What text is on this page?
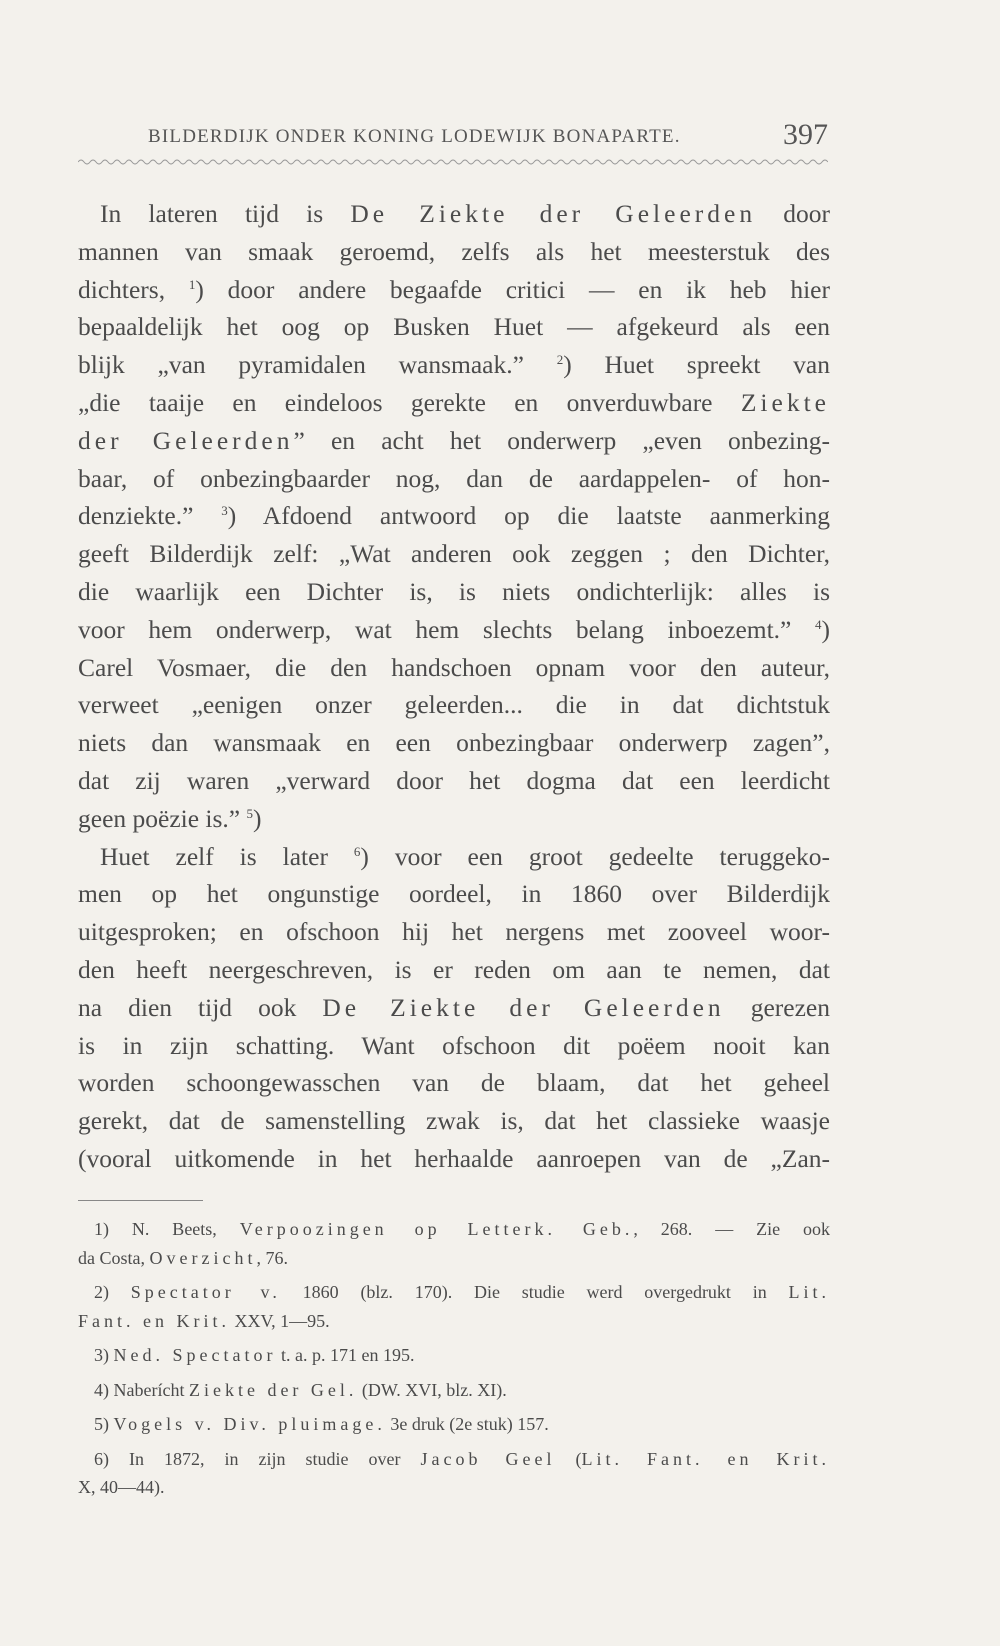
BILDERDIJK ONDER KONING LODEWIJK BONAPARTE.	397
In lateren tijd is De Ziekte der Geleerden door
mannen van smaak geroemd, zelfs als het meesterstuk des
dichters, $^1$) door andere begaafde critici — en ik heb hier
bepaaldelijk het oog op Busken Huet — afgekeurd als een
blijk „van pyramidalen wansmaak.” $^2$) Huet spreekt van
„die taaije en eindeloos gerekte en onverduwbare Ziekte
der Geleerden” en acht het onderwerp „even onbezing-
baar, of onbezingbaarder nog, dan de aardappelen- of hon-
denziekte.” $^3$) Afdoend antwoord op die laatste aanmerking
geeft Bilderdijk zelf: „Wat anderen ook zeggen ; den Dichter,
die waarlijk een Dichter is, is niets ondichterlijk: alles is
voor hem onderwerp, wat hem slechts belang inboezemt.” $^4$)
Carel Vosmaer, die den handschoen opnam voor den auteur,
verweet „eenigen onzer geleerden... die in dat dichtstuk
niets dan wansmaak en een onbezingbaar onderwerp zagen”,
dat zij waren „verward door het dogma dat een leerdicht
geen poëzie is.” $^5$)
Huet zelf is later $^6$) voor een groot gedeelte teruggeko-
men op het ongunstige oordeel, in 1860 over Bilderdijk
uitgesproken; en ofschoon hij het nergens met zooveel woor-
den heeft neergeschreven, is er reden om aan te nemen, dat
na dien tijd ook De Ziekte der Geleerden gerezen
is in zijn schatting. Want ofschoon dit poëem nooit kan
worden schoongewasschen van de blaam, dat het geheel
gerekt, dat de samenstelling zwak is, dat het classieke waasje
(vooral uitkomende in het herhaalde aanroepen van de „Zan-
1) N. Beets, Verpoozingen op Letterk. Geb., 268. — Zie ook
da Costa, Overzicht, 76.
2) Spectator v. 1860 (blz. 170). Die studie werd overgedrukt in Lit.
Fant. en Krit. XXV, 1—95.
3) Ned. Spectator t. a. p. 171 en 195.
4) Naberícht Ziekte der Gel. (DW. XVI, blz. XI).
5) Vogels v. Div. pluimage. 3e druk (2e stuk) 157.
6) In 1872, in zijn studie over Jacob Geel (Lit. Fant. en Krit.
X, 40—44).
